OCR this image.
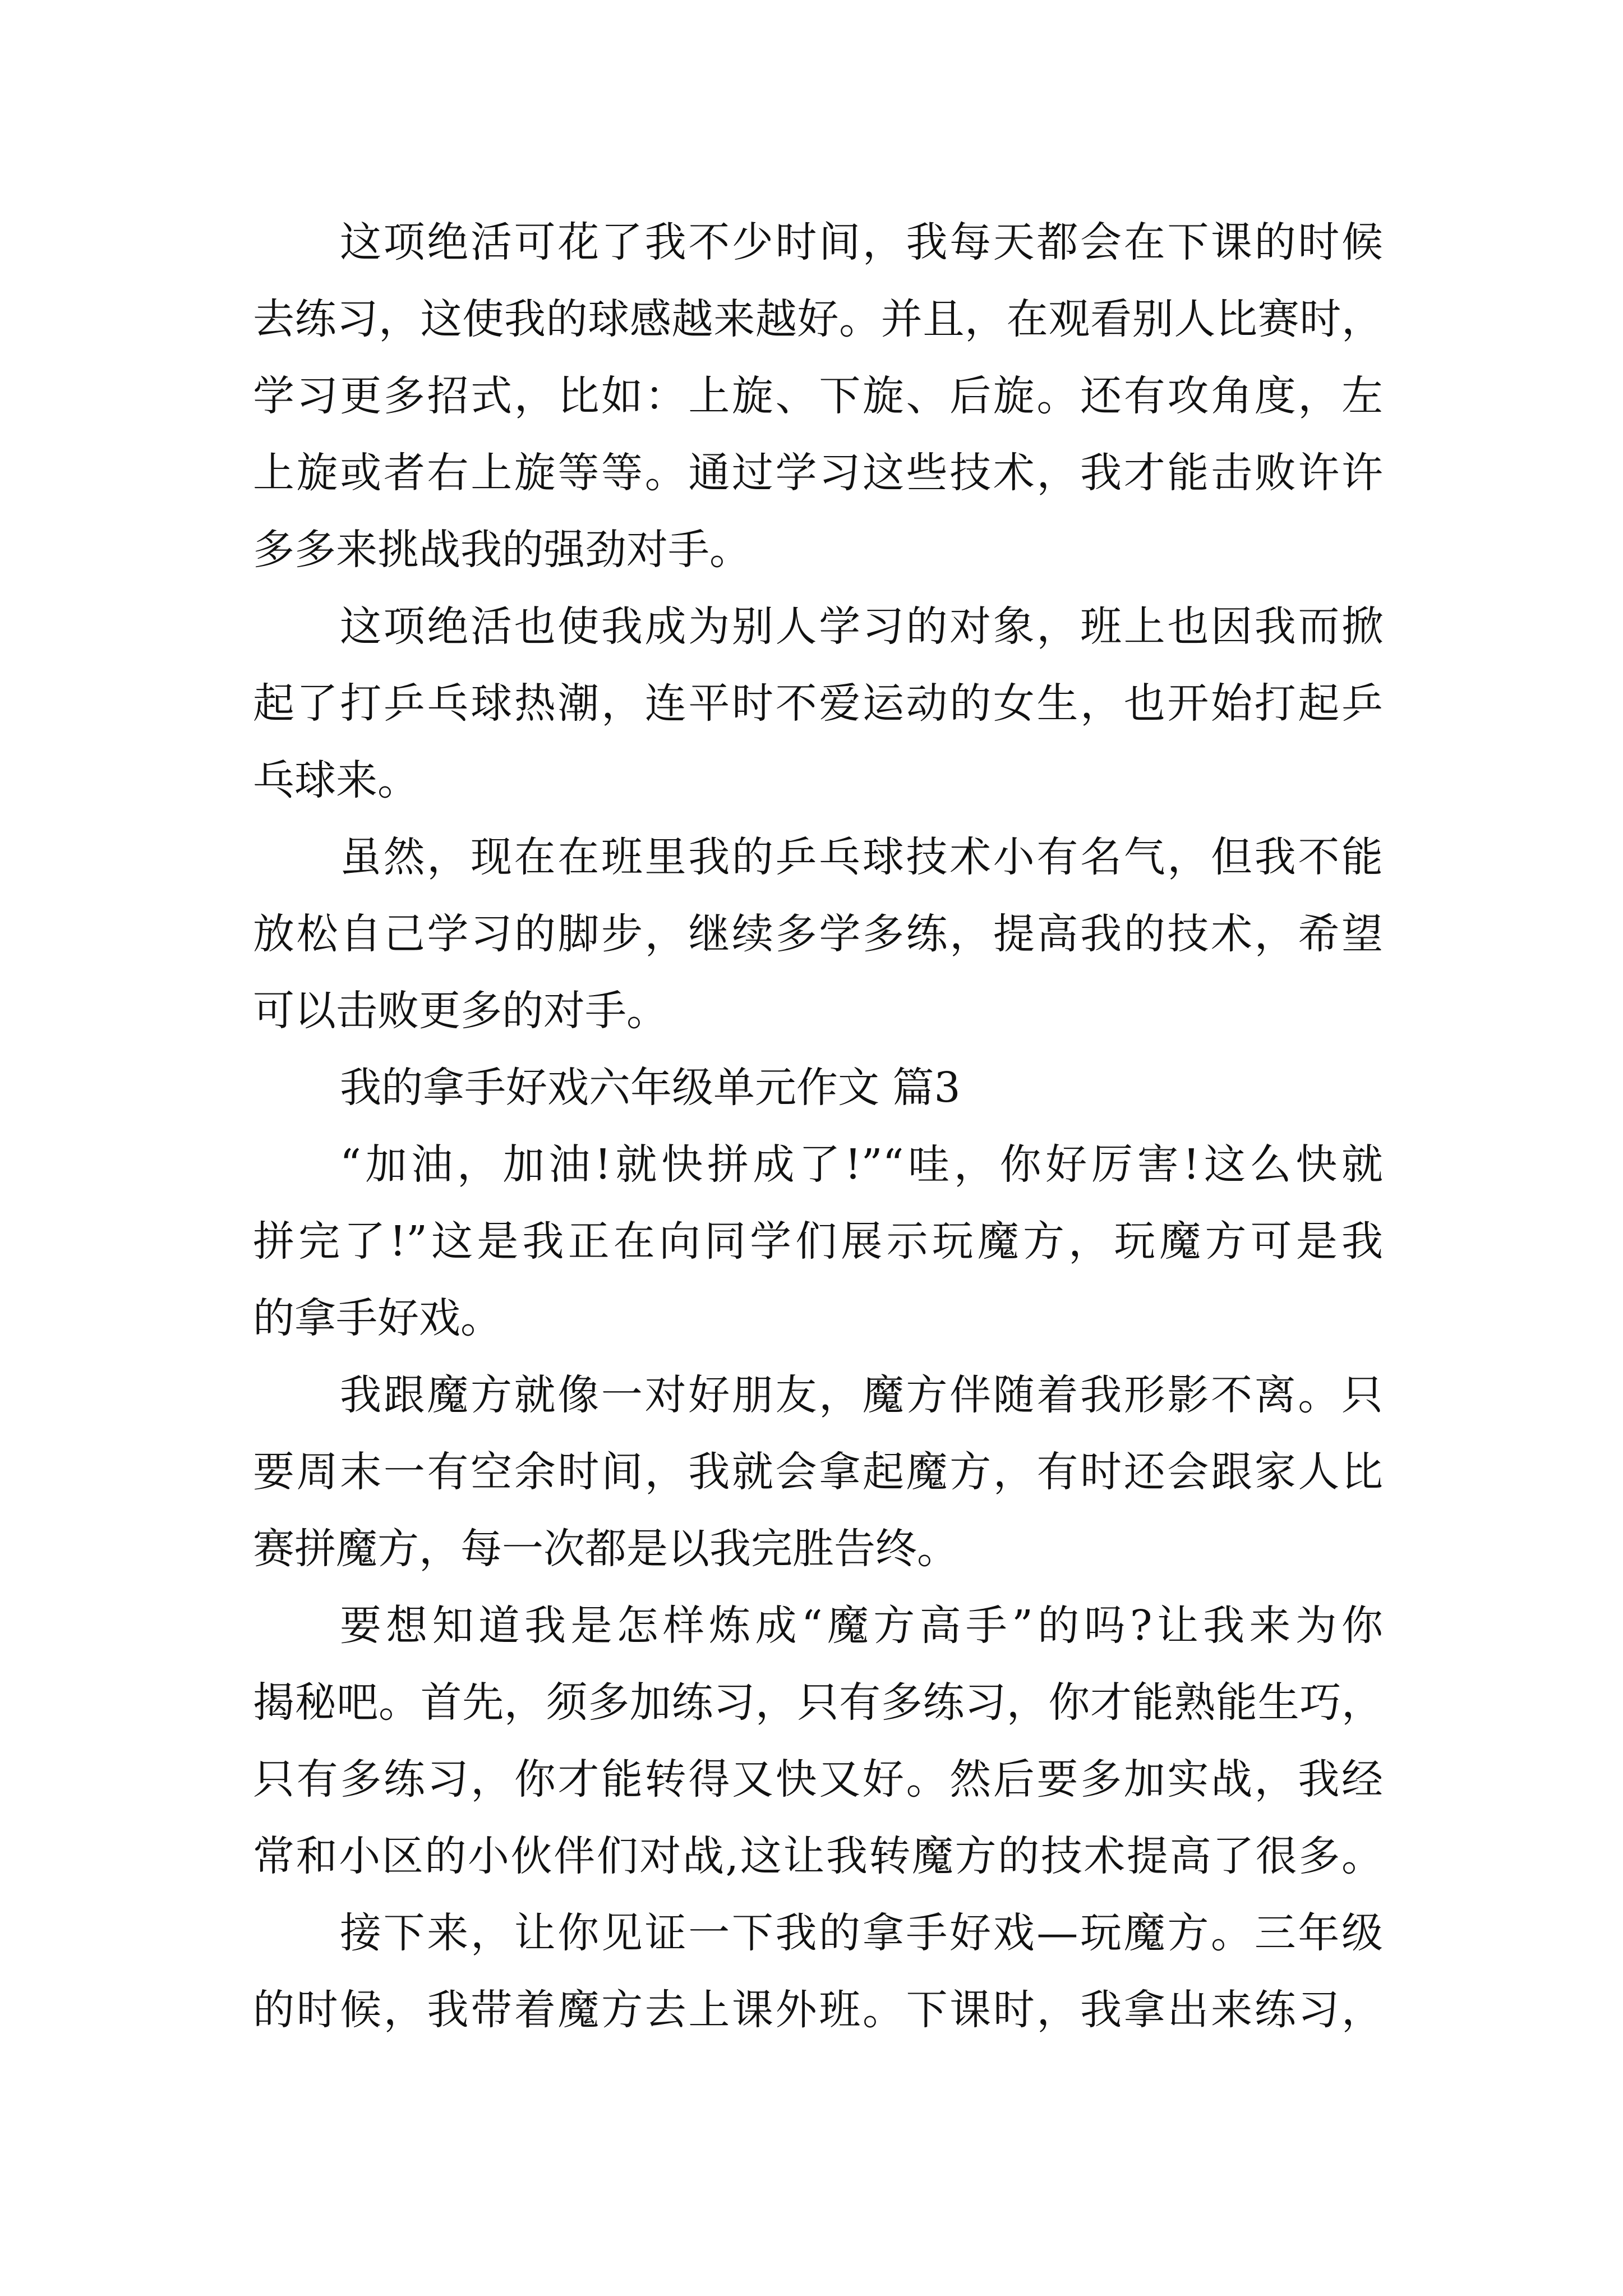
这项绝活可花了我不少时间，我每天都会在下课的时候
去练习，这使我的球感越来越好。并且，在观看别人比赛时，
学习更多招式，比如：上旋、下旋、后旋。还有攻角度，左
上旋或者右上旋等等。通过学习这些技术，我才能击败许许
多多来挑战我的强劲对手。
这项绝活也使我成为别人学习的对象，班上也因我而掀
起了打乒乓球热潮，连平时不爱运动的女生，也开始打起乒
乓球来。
虽然，现在在班里我的乒乓球技术小有名气，但我不能
放松自己学习的脚步，继续多学多练，提高我的技术，希望
可以击败更多的对手。
我的拿手好戏六年级单元作文 篇3
“加油，加油!就快拼成了!”“哇，你好厉害!这么快就
拼完了!”这是我正在向同学们展示玩魔方，玩魔方可是我
的拿手好戏。
我跟魔方就像一对好朋友，魔方伴随着我形影不离。只
要周末一有空余时间，我就会拿起魔方，有时还会跟家人比
赛拼魔方，每一次都是以我完胜告终。
要想知道我是怎样炼成“魔方高手”的吗?让我来为你
揭秘吧。首先，须多加练习，只有多练习，你才能熟能生巧，
只有多练习，你才能转得又快又好。然后要多加实战，我经
常和小区的小伙伴们对战,这让我转魔方的技术提高了很多。
接下来，让你见证一下我的拿手好戏—玩魔方。三年级
的时候，我带着魔方去上课外班。下课时，我拿出来练习，
